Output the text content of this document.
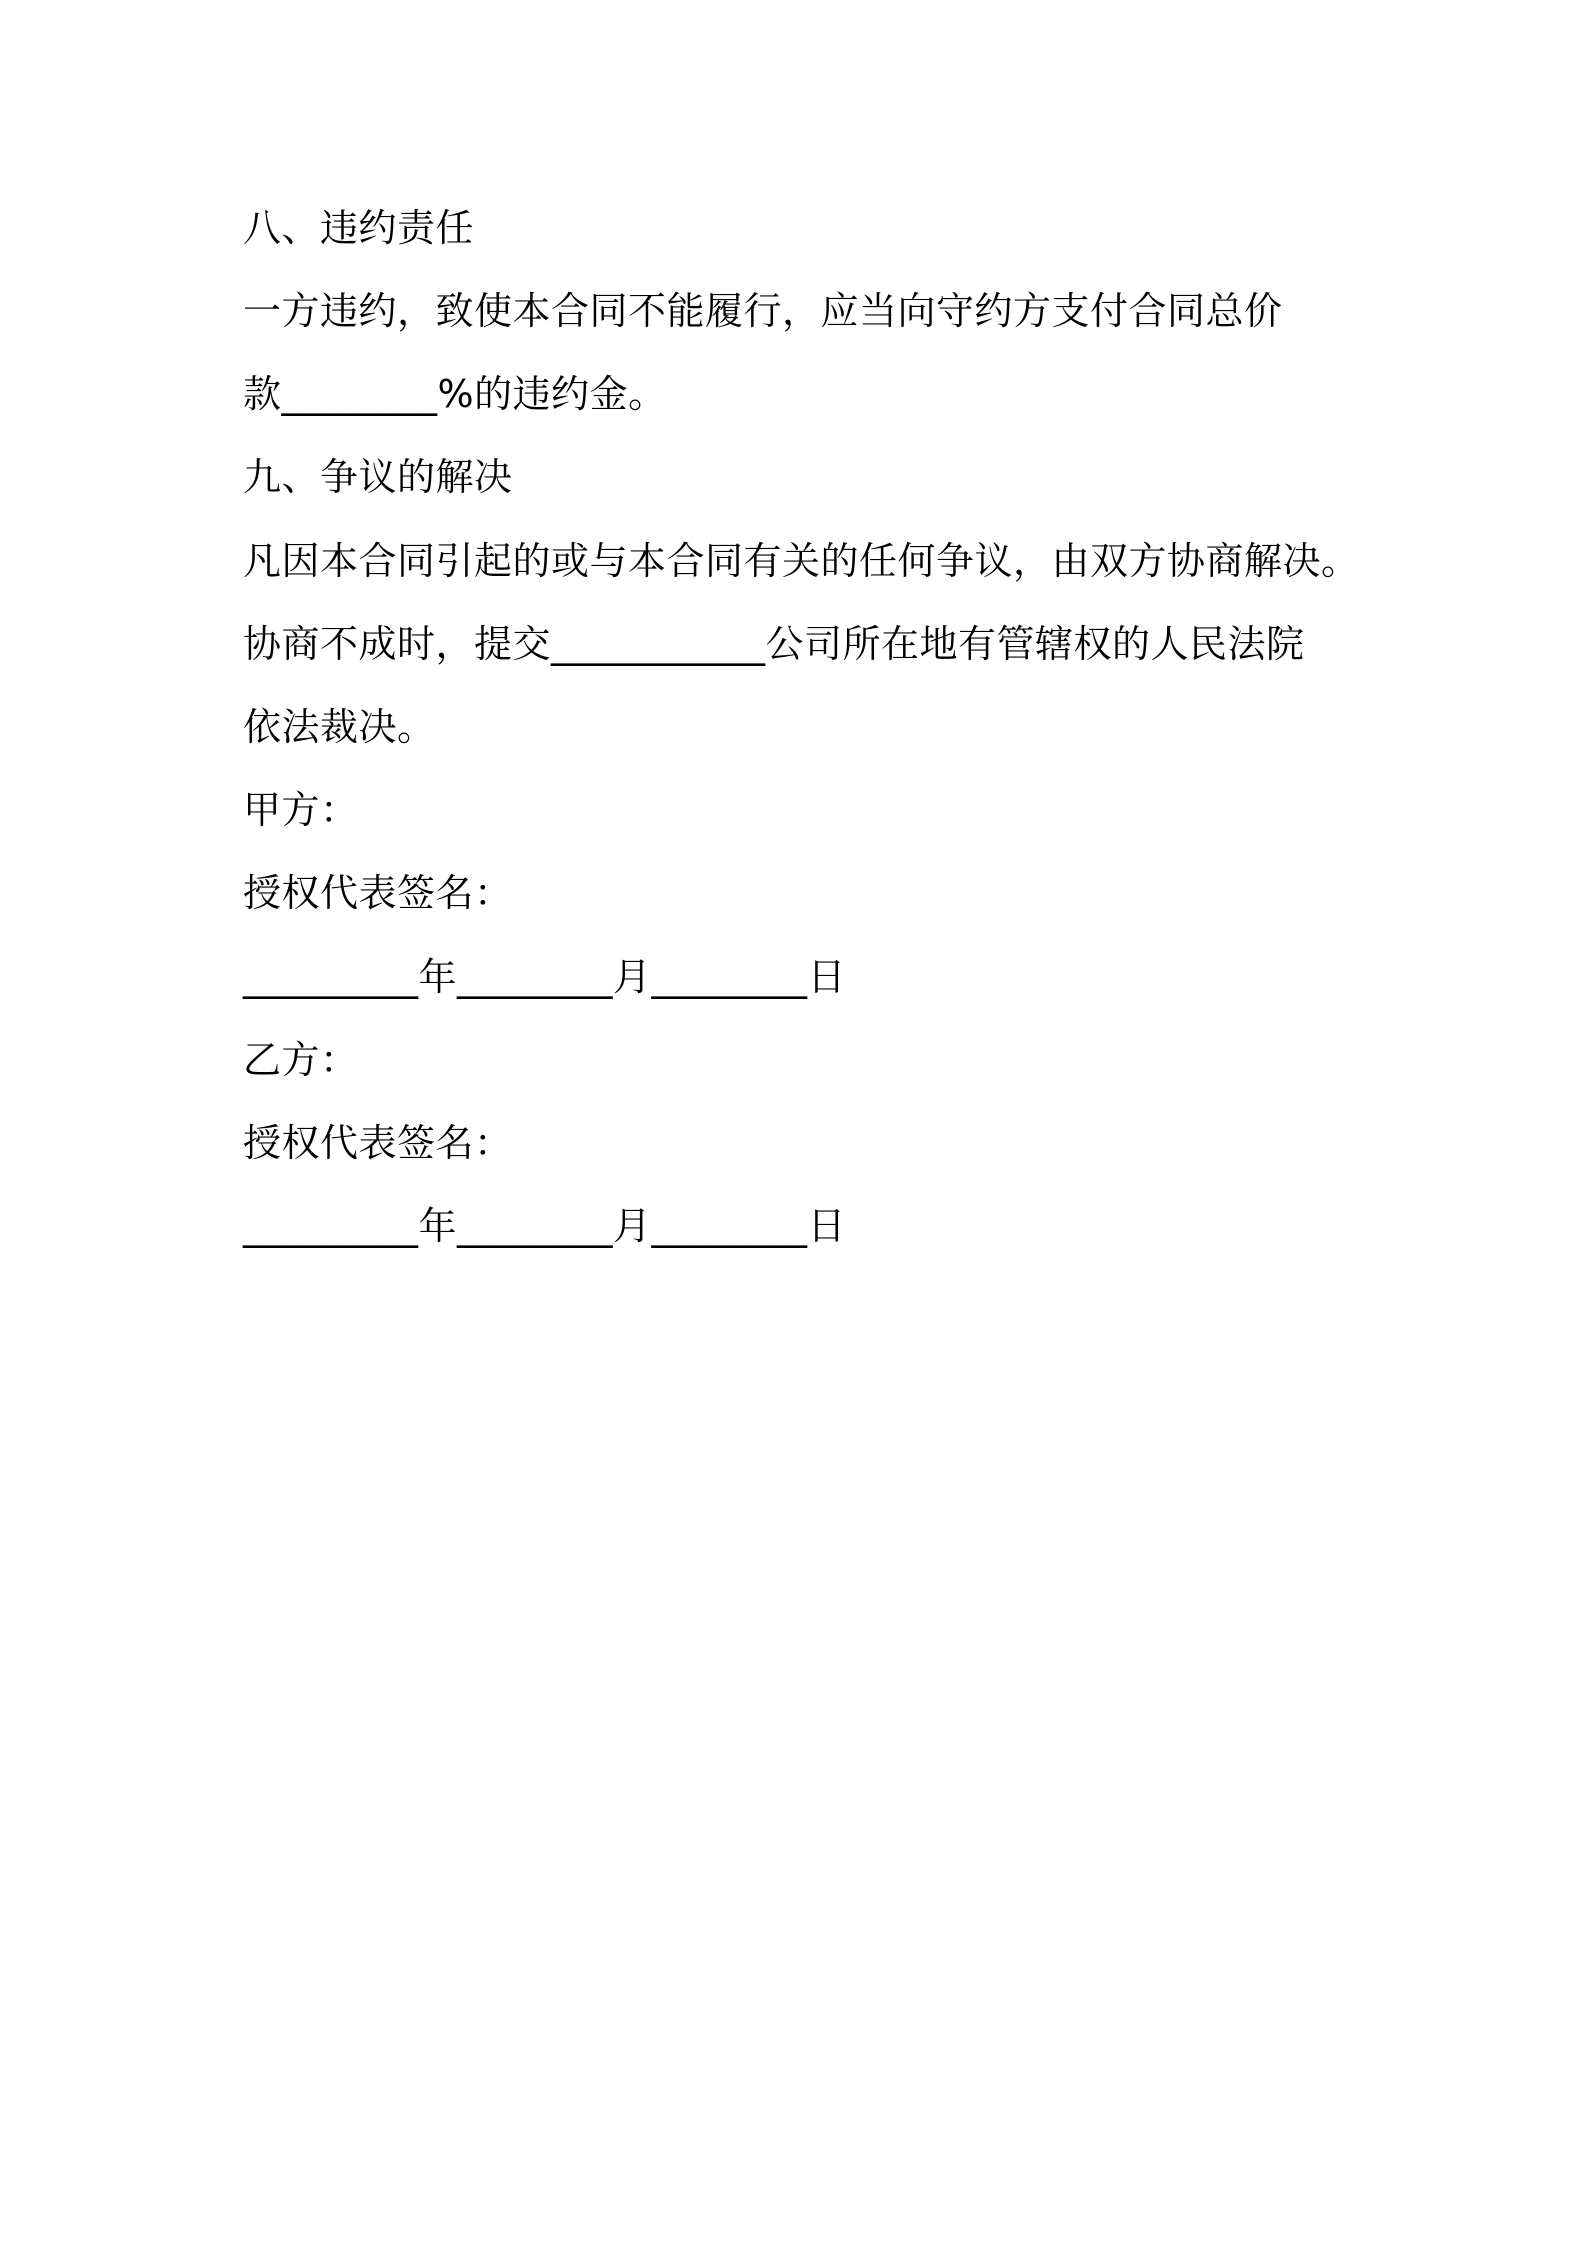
八、违约责任
一方违约，致使本合同不能履行，应当向守约方支付合同总价
款________%的违约金。
九、争议的解决
凡因本合同引起的或与本合同有关的任何争议，由双方协商解决。
协商不成时，提交___________公司所在地有管辖权的人民法院
依法裁决。
甲方：
授权代表签名：
_________年________月________日
乙方：
授权代表签名：
_________年________月________日
